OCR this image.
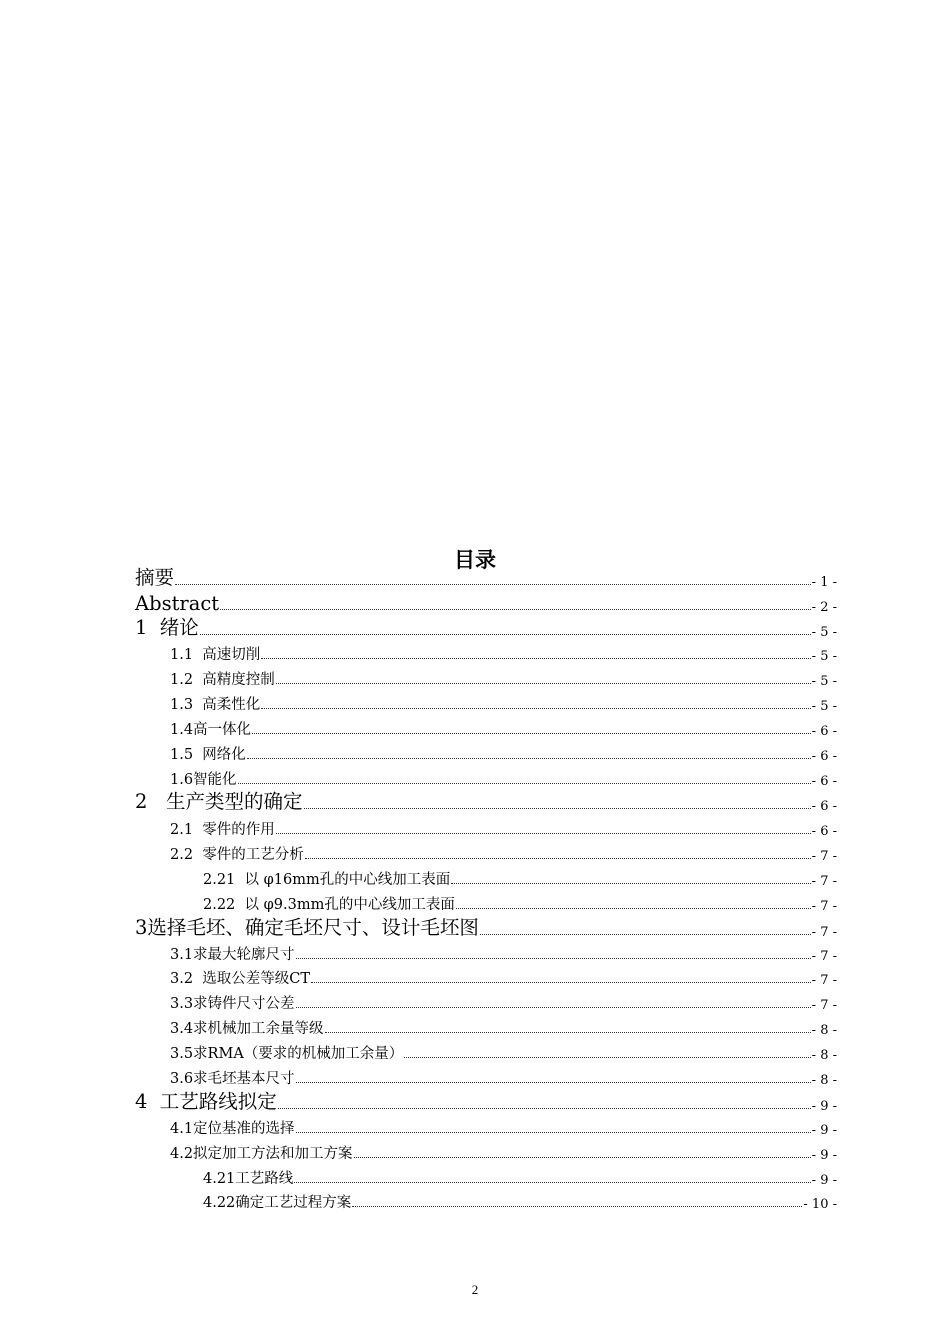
目录
摘要	- 1 -
Abstract	- 2 -
1  绪论	- 5 -
1.1  高速切削	- 5 -
1.2  高精度控制	- 5 -
1.3  高柔性化	- 5 -
1.4高一体化	- 6 -
1.5  网络化	- 6 -
1.6智能化	- 6 -
2   生产类型的确定	- 6 -
2.1  零件的作用	- 6 -
2.2  零件的工艺分析	- 7 -
2.21  以 φ16mm孔的中心线加工表面	- 7 -
2.22  以 φ9.3mm孔的中心线加工表面	- 7 -
3选择毛坯、确定毛坯尺寸、设计毛坯图	- 7 -
3.1求最大轮廓尺寸	- 7 -
3.2  选取公差等级CT	- 7 -
3.3求铸件尺寸公差	- 7 -
3.4求机械加工余量等级	- 8 -
3.5求RMA（要求的机械加工余量）	- 8 -
3.6求毛坯基本尺寸	- 8 -
4  工艺路线拟定	- 9 -
4.1定位基准的选择	- 9 -
4.2拟定加工方法和加工方案	- 9 -
4.21工艺路线	- 9 -
4.22确定工艺过程方案	- 10 -
2
